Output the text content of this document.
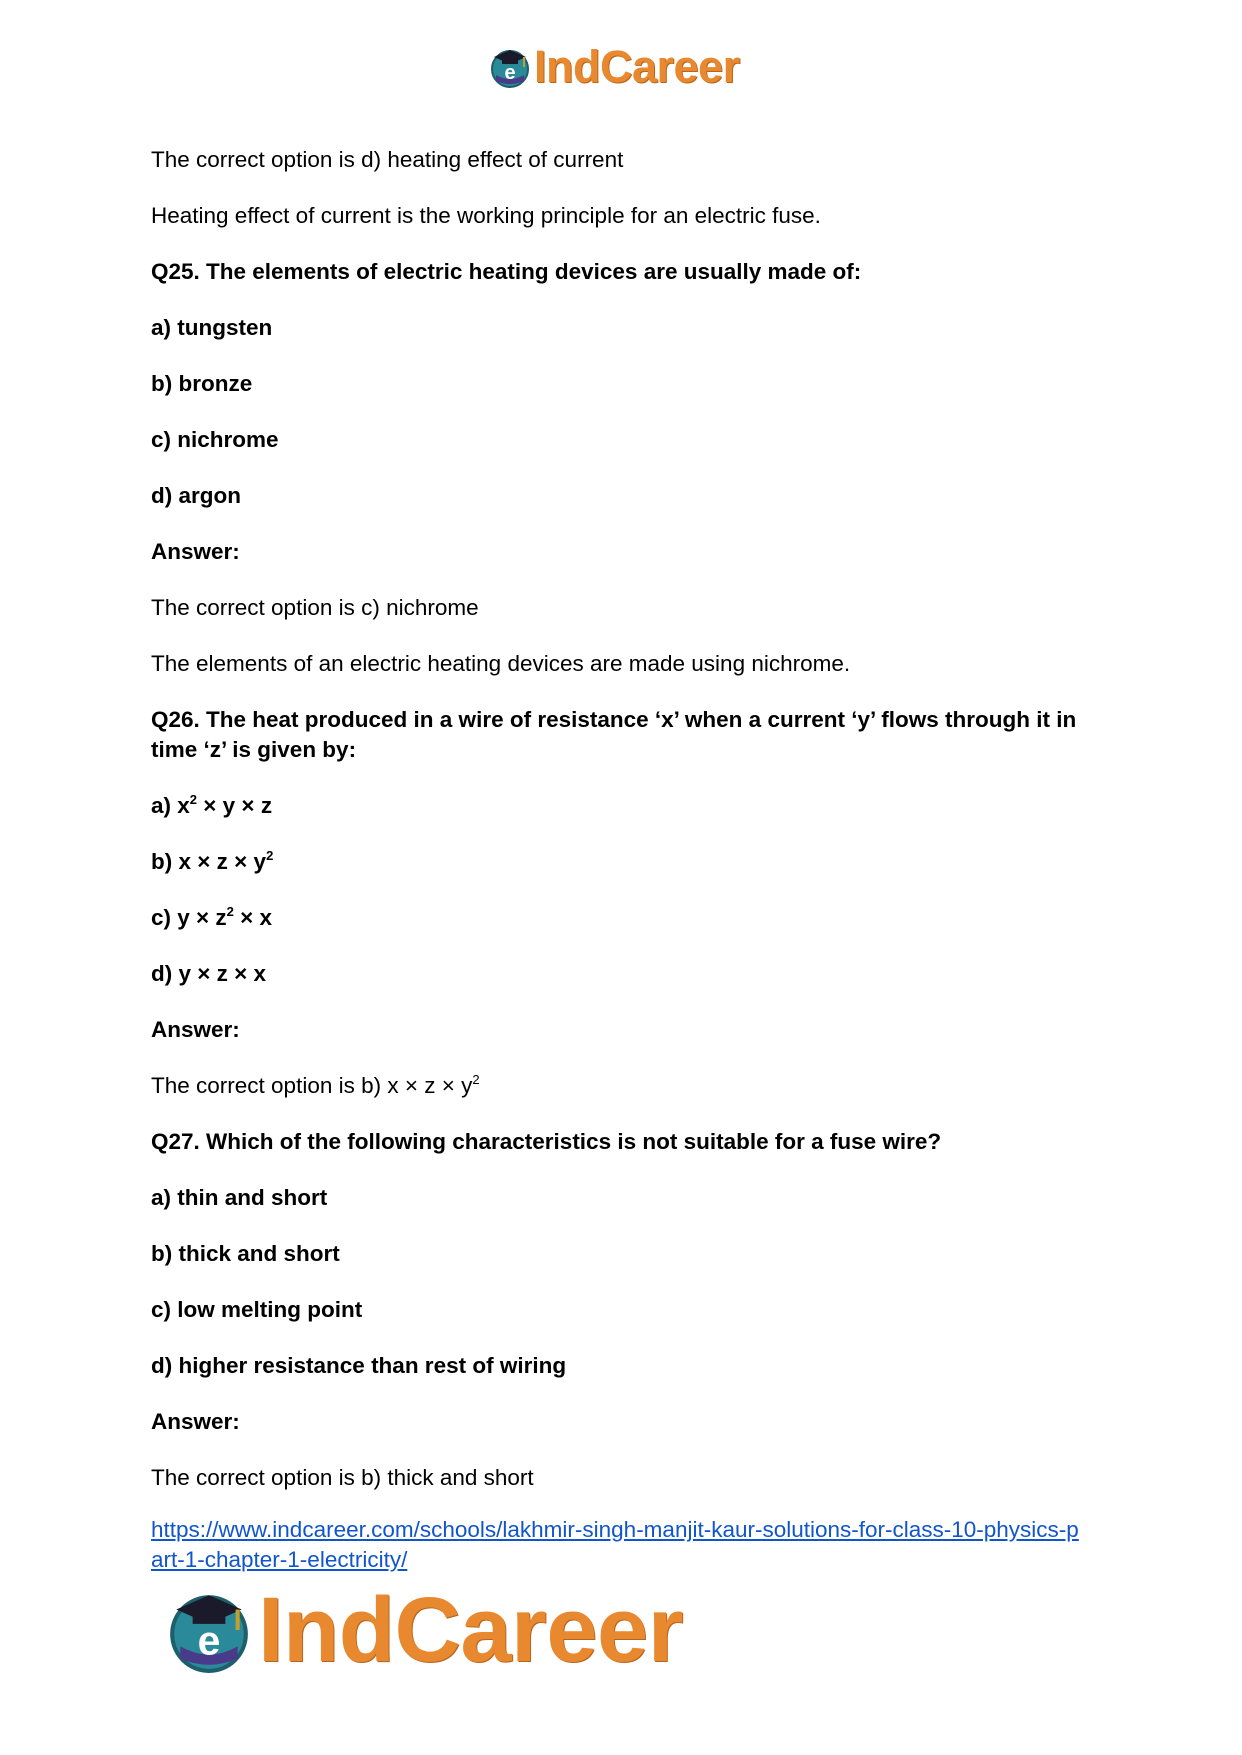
e IndCareer

The correct option is d) heating effect of current

Heating effect of current is the working principle for an electric fuse.

Q25. The elements of electric heating devices are usually made of:

a) tungsten

b) bronze

c) nichrome

d) argon

Answer:

The correct option is c) nichrome

The elements of an electric heating devices are made using nichrome.

Q26. The heat produced in a wire of resistance ‘x’ when a current ‘y’ flows through it in time ‘z’ is given by:

a) $x^2 \times y \times z$

b) $x \times z \times y^2$

c) $y \times z^2 \times x$

d) y × z × x

Answer:

The correct option is b) $x \times z \times y^2$

Q27. Which of the following characteristics is not suitable for a fuse wire?

a) thin and short

b) thick and short

c) low melting point

d) higher resistance than rest of wiring

Answer:

The correct option is b) thick and short

https://www.indcareer.com/schools/lakhmir-singh-manjit-kaur-solutions-for-class-10-physics-part-1-chapter-1-electricity/
e IndCareer
